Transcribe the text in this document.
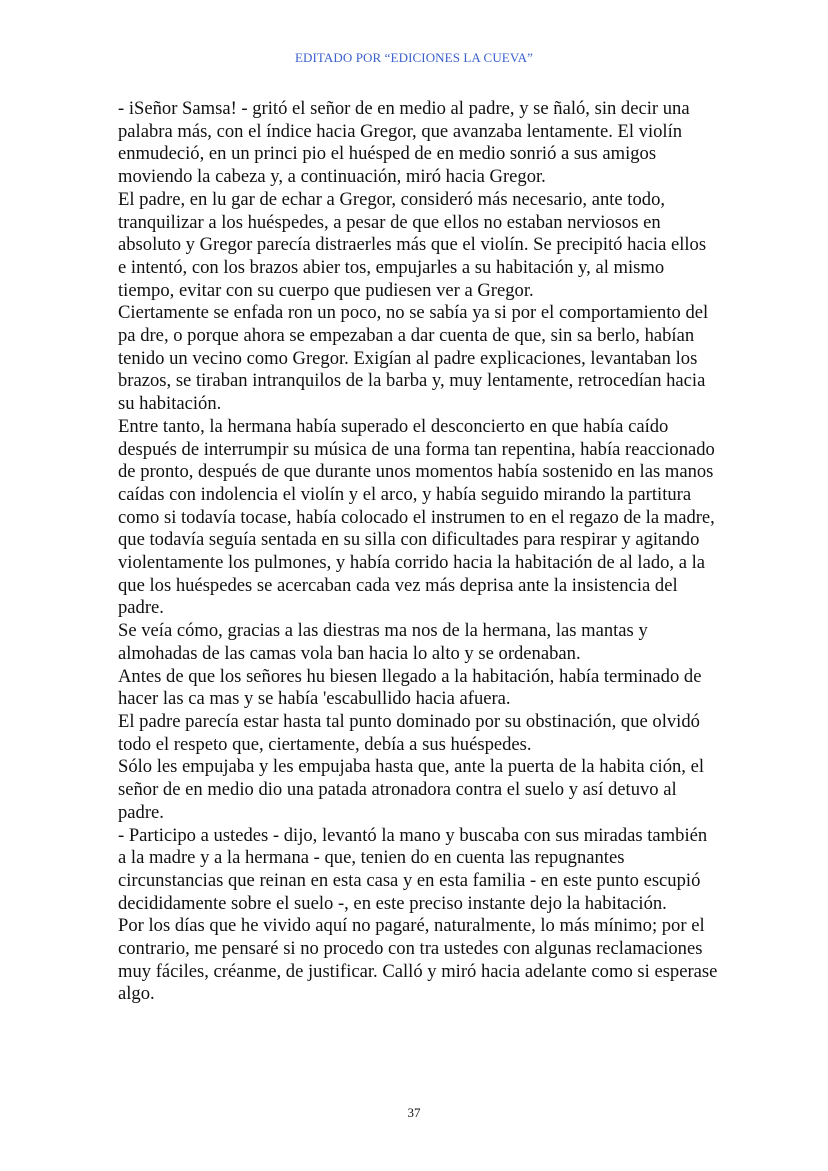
EDITADO POR “EDICIONES LA CUEVA”

- iSeñor Samsa! - gritó el señor de en medio al padre, y se ñaló, sin decir una palabra más, con el índice hacia Gregor, que avanzaba lentamente. El violín enmudeció, en un princi pio el huésped de en medio sonrió a sus amigos moviendo la cabeza y, a continuación, miró hacia Gregor.

El padre, en lu gar de echar a Gregor, consideró más necesario, ante todo, tranquilizar a los huéspedes, a pesar de que ellos no estaban nerviosos en absoluto y Gregor parecía distraerles más que el violín. Se precipitó hacia ellos e intentó, con los brazos abier tos, empujarles a su habitación y, al mismo tiempo, evitar con su cuerpo que pudiesen ver a Gregor.

Ciertamente se enfada ron un poco, no se sabía ya si por el comportamiento del pa dre, o porque ahora se empezaban a dar cuenta de que, sin sa berlo, habían tenido un vecino como Gregor. Exigían al padre explicaciones, levantaban los brazos, se tiraban intranquilos de la barba y, muy lentamente, retrocedían hacia su habitación.

Entre tanto, la hermana había superado el desconcierto en que había caído después de interrumpir su música de una forma tan repentina, había reaccionado de pronto, después de que durante unos momentos había sostenido en las manos caídas con indolencia el violín y el arco, y había seguido mirando la partitura como si todavía tocase, había colocado el instrumen to en el regazo de la madre, que todavía seguía sentada en su silla con dificultades para respirar y agitando violentamente los pulmones, y había corrido hacia la habitación de al lado, a la que los huéspedes se acercaban cada vez más deprisa ante la insistencia del padre.

Se veía cómo, gracias a las diestras ma nos de la hermana, las mantas y almohadas de las camas vola ban hacia lo alto y se ordenaban.

Antes de que los señores hu biesen llegado a la habitación, había terminado de hacer las ca mas y se había 'escabullido hacia afuera.

El padre parecía estar hasta tal punto dominado por su obstinación, que olvidó todo el respeto que, ciertamente, debía a sus huéspedes.

Sólo les empujaba y les empujaba hasta que, ante la puerta de la habita ción, el señor de en medio dio una patada atronadora contra el suelo y así detuvo al padre.

- Participo a ustedes - dijo, levantó la mano y buscaba con sus miradas también a la madre y a la hermana - que, tenien do en cuenta las repugnantes circunstancias que reinan en esta casa y en esta familia - en este punto escupió decididamente sobre el suelo -, en este preciso instante dejo la habitación.

Por los días que he vivido aquí no pagaré, naturalmente, lo más mínimo; por el contrario, me pensaré si no procedo con tra ustedes con algunas reclamaciones muy fáciles, créanme, de justificar. Calló y miró hacia adelante como si esperase algo.

37
